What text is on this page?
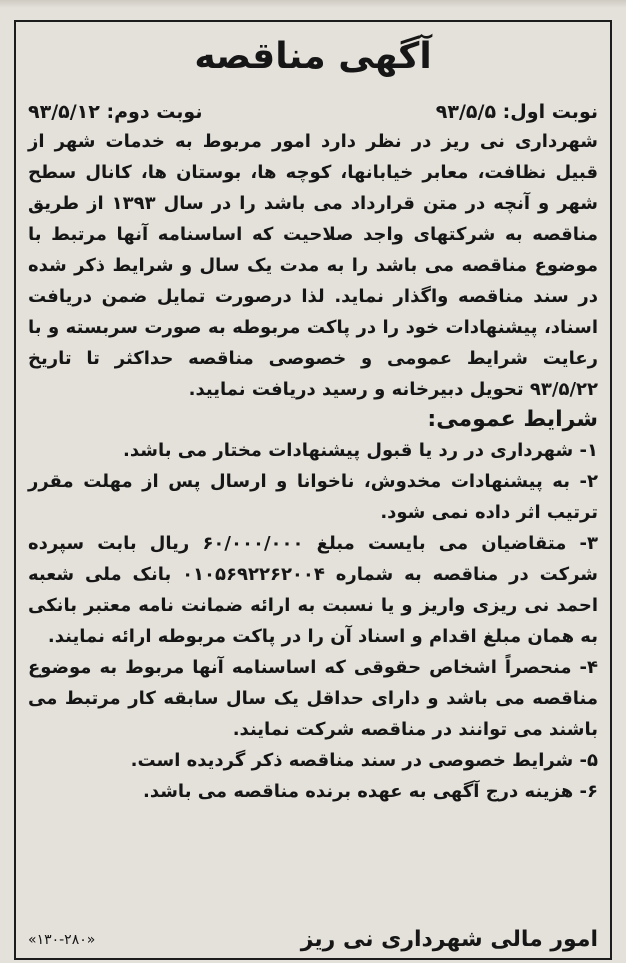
آگهی مناقصه
نوبت اول: ۹۳/۵/۵
نوبت دوم: ۹۳/۵/۱۲

شهرداری نی ریز در نظر دارد امور مربوط به خدمات شهر از قبیل نظافت، معابر خیابانها، کوچه ها، بوستان ها، کانال سطح شهر و آنچه در متن قرارداد می باشد را در سال ۱۳۹۳ از طریق مناقصه به شرکتهای واجد صلاحیت که اساسنامه آنها مرتبط با موضوع مناقصه می باشد را به مدت یک سال و شرایط ذکر شده در سند مناقصه واگذار نماید. لذا درصورت تمایل ضمن دریافت اسناد، پیشنهادات خود را در پاکت مربوطه به صورت سربسته و با رعایت شرایط عمومی و خصوصی مناقصه حداکثر تا تاریخ ۹۳/۵/۲۲ تحویل دبیرخانه و رسید دریافت نمایید.

شرایط عمومی:
۱- شهرداری در رد یا قبول پیشنهادات مختار می باشد.
۲- به پیشنهادات مخدوش، ناخوانا و ارسال پس از مهلت مقرر ترتیب اثر داده نمی شود.
۳- متقاضیان می بایست مبلغ ۶۰/۰۰۰/۰۰۰ ریال بابت سپرده شرکت در مناقصه به شماره ۰۱۰۵۶۹۲۲۶۲۰۰۴ بانک ملی شعبه احمد نی ریزی واریز و یا نسبت به ارائه ضمانت نامه معتبر بانکی به همان مبلغ اقدام و اسناد آن را در پاکت مربوطه ارائه نمایند.
۴- منحصراً اشخاص حقوقی که اساسنامه آنها مربوط به موضوع مناقصه می باشد و دارای حداقل یک سال سابقه کار مرتبط می باشند می توانند در مناقصه شرکت نمایند.
۵- شرایط خصوصی در سند مناقصه ذکر گردیده است.
۶- هزینه درج آگهی به عهده برنده مناقصه می باشد.
امور مالی شهرداری نی ریز
«۱۳۰-۲۸۰»
